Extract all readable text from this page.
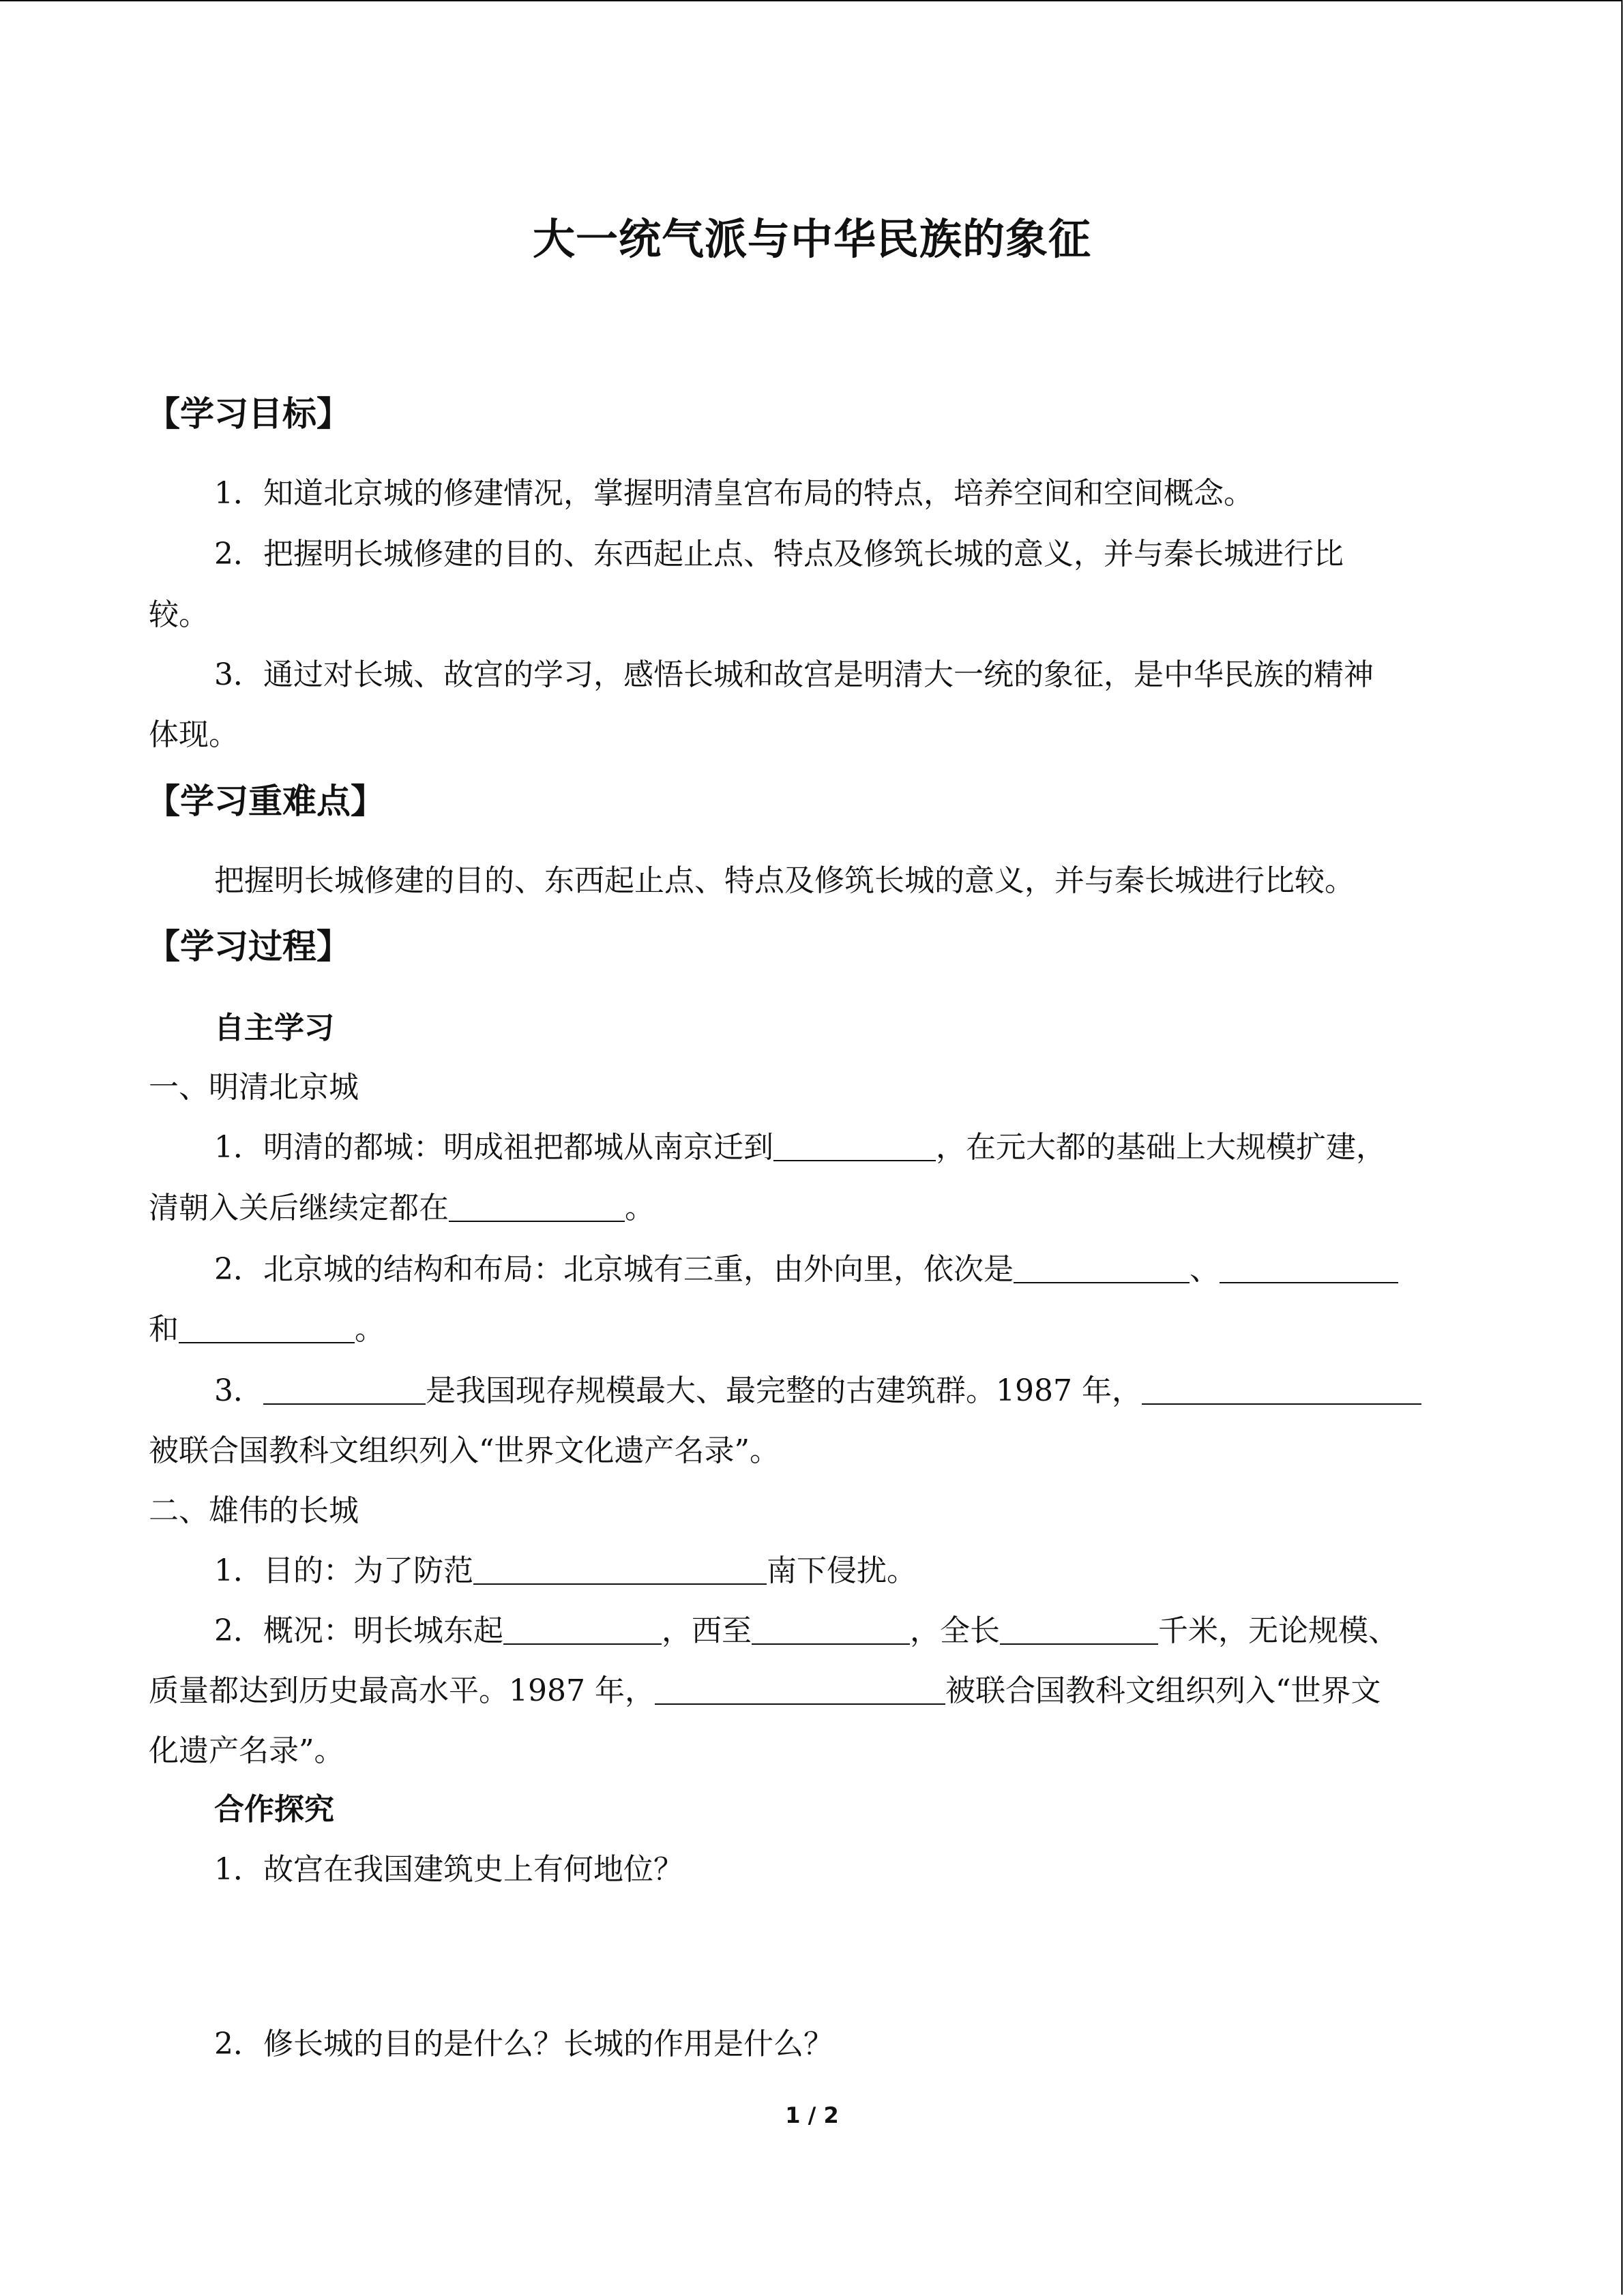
大一统气派与中华民族的象征
【学习目标】
1．知道北京城的修建情况，掌握明清皇宫布局的特点，培养空间和空间概念。
2．把握明长城修建的目的、东西起止点、特点及修筑长城的意义，并与秦长城进行比
较。
3．通过对长城、故宫的学习，感悟长城和故宫是明清大一统的象征，是中华民族的精神
体现。
【学习重难点】
把握明长城修建的目的、东西起止点、特点及修筑长城的意义，并与秦长城进行比较。
【学习过程】
自主学习
一、明清北京城
1．明清的都城：明成祖把都城从南京迁到	，在元大都的基础上大规模扩建，
清朝入关后继续定都在	。
2．北京城的结构和布局：北京城有三重，由外向里，依次是	、
和	。
3．	是我国现存规模最大、最完整的古建筑群。1987 年，
被联合国教科文组织列入“世界文化遗产名录”。
二、雄伟的长城
1．目的：为了防范	南下侵扰。
2．概况：明长城东起	，西至	，全长	千米，无论规模、
质量都达到历史最高水平。1987 年，	被联合国教科文组织列入“世界文
化遗产名录”。
合作探究
1．故宫在我国建筑史上有何地位？
2．修长城的目的是什么？长城的作用是什么？
1 / 2
